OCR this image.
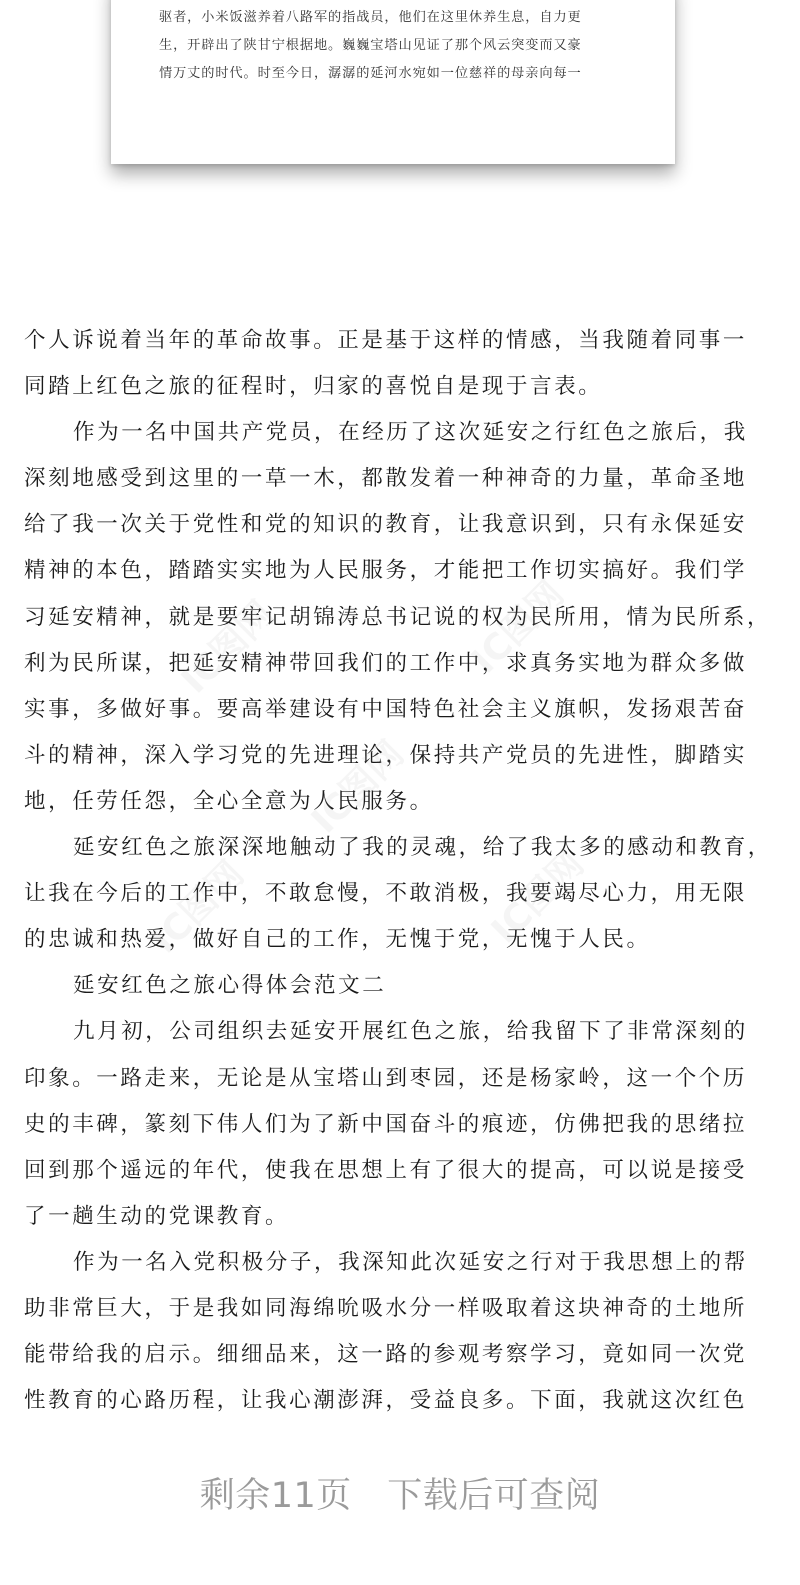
驱者，小米饭滋养着八路军的指战员，他们在这里休养生息，自力更
生，开辟出了陕甘宁根据地。巍巍宝塔山见证了那个风云突变而又豪
情万丈的时代。时至今日，潺潺的延河水宛如一位慈祥的母亲向每一
个人诉说着当年的革命故事。正是基于这样的情感，当我随着同事一
同踏上红色之旅的征程时，归家的喜悦自是现于言表。
作为一名中国共产党员，在经历了这次延安之行红色之旅后，我
深刻地感受到这里的一草一木，都散发着一种神奇的力量，革命圣地
给了我一次关于党性和党的知识的教育，让我意识到，只有永保延安
精神的本色，踏踏实实地为人民服务，才能把工作切实搞好。我们学
习延安精神，就是要牢记胡锦涛总书记说的权为民所用，情为民所系，
利为民所谋，把延安精神带回我们的工作中，求真务实地为群众多做
实事，多做好事。要高举建设有中国特色社会主义旗帜，发扬艰苦奋
斗的精神，深入学习党的先进理论，保持共产党员的先进性，脚踏实
地，任劳任怨，全心全意为人民服务。
延安红色之旅深深地触动了我的灵魂，给了我太多的感动和教育，
让我在今后的工作中，不敢怠慢，不敢消极，我要竭尽心力，用无限
的忠诚和热爱，做好自己的工作，无愧于党，无愧于人民。
延安红色之旅心得体会范文二
九月初，公司组织去延安开展红色之旅，给我留下了非常深刻的
印象。一路走来，无论是从宝塔山到枣园，还是杨家岭，这一个个历
史的丰碑，篆刻下伟人们为了新中国奋斗的痕迹，仿佛把我的思绪拉
回到那个遥远的年代，使我在思想上有了很大的提高，可以说是接受
了一趟生动的党课教育。
作为一名入党积极分子，我深知此次延安之行对于我思想上的帮
助非常巨大，于是我如同海绵吮吸水分一样吸取着这块神奇的土地所
能带给我的启示。细细品来，这一路的参观考察学习，竟如同一次党
性教育的心路历程，让我心潮澎湃，受益良多。下面，我就这次红色
IC图网	IC图网
IC图网
IC图网	IC图网
剩余11页　下载后可查阅
